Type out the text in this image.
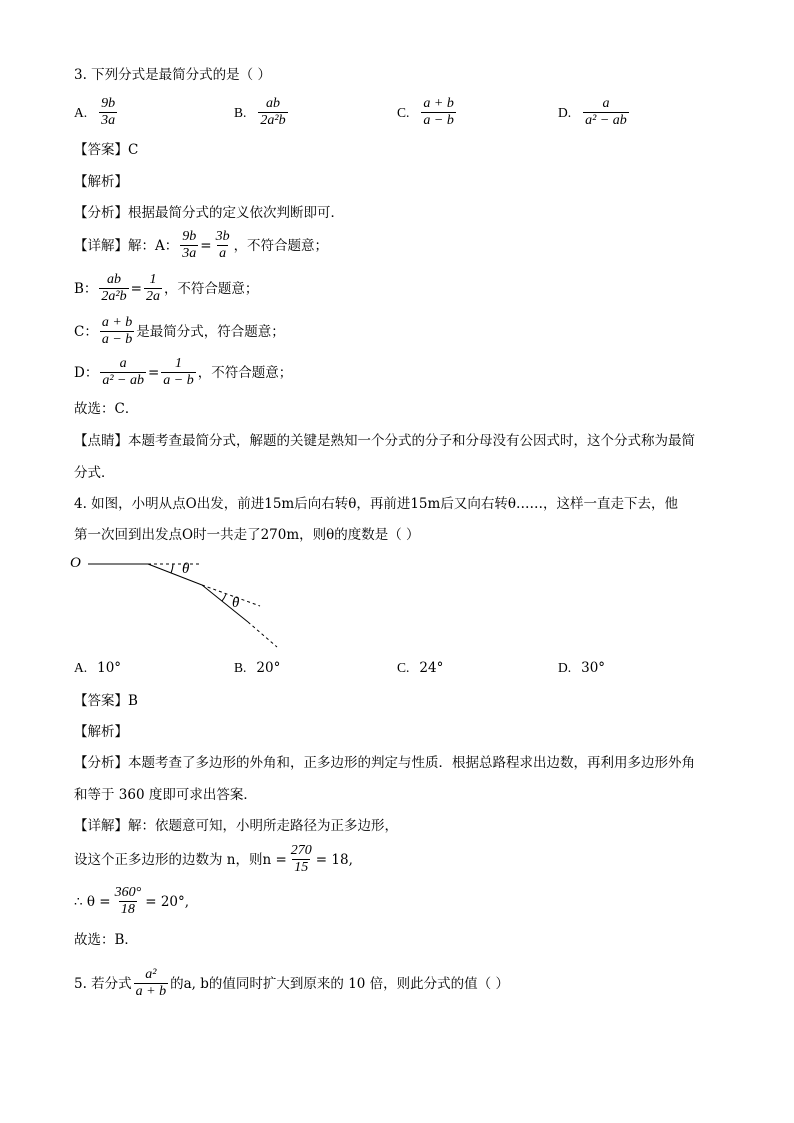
3. 下列分式是最简分式的是（ ）
A. $\frac{9b}{3a}$	B. $\frac{ab}{\text{2a²b}}$	C. $\frac{a + b}{a - b}$	D. $\frac{a}{\text{a² − ab}}$
【答案】C
【解析】
【分析】根据最简分式的定义依次判断即可．
【详解】 解：A： $\frac{9b}{3a} = \frac{3b}{a}$ ，不符合题意；
B： $\frac{ab}{\text{2a²b}} = \frac{1}{2a}$ ，不符合题意；
C： $\frac{a + b}{a - b}$ 是最简分式，符合题意；
D： $\frac{a}{\text{a² − ab}} = \frac{1}{a - b}$ ，不符合题意；
故选：C．
【点睛】本题考查最简分式，解题的关键是熟知一个分式的分子和分母没有公因式时，这个分式称为最简
分式．
4. 如图，小明从点O出发，前进15m后向右转θ，再前进15m后又向右转θ……，这样一直走下去，他
第一次回到出发点O时一共走了270m，则θ的度数是（ ）
O	θ
θ
A. 10°	B. 20°	C. 24°	D. 30°
【答案】B
【解析】
【分析】本题考查了多边形的外角和，正多边形的判定与性质．根据总路程求出边数，再利用多边形外角
和等于 360 度即可求出答案．
【详解】解：依题意可知，小明所走路径为正多边形，
设这个正多边形的边数为 n，则$n = \frac{270}{15} = 18$,
∴ $\theta = \frac{360^\circ}{18} = 20^\circ$,
故选：B．
5. 若分式 $\frac{\text{a²}}{a + b}$ 的a, b的值同时扩大到原来的 10 倍，则此分式的值（ ）
